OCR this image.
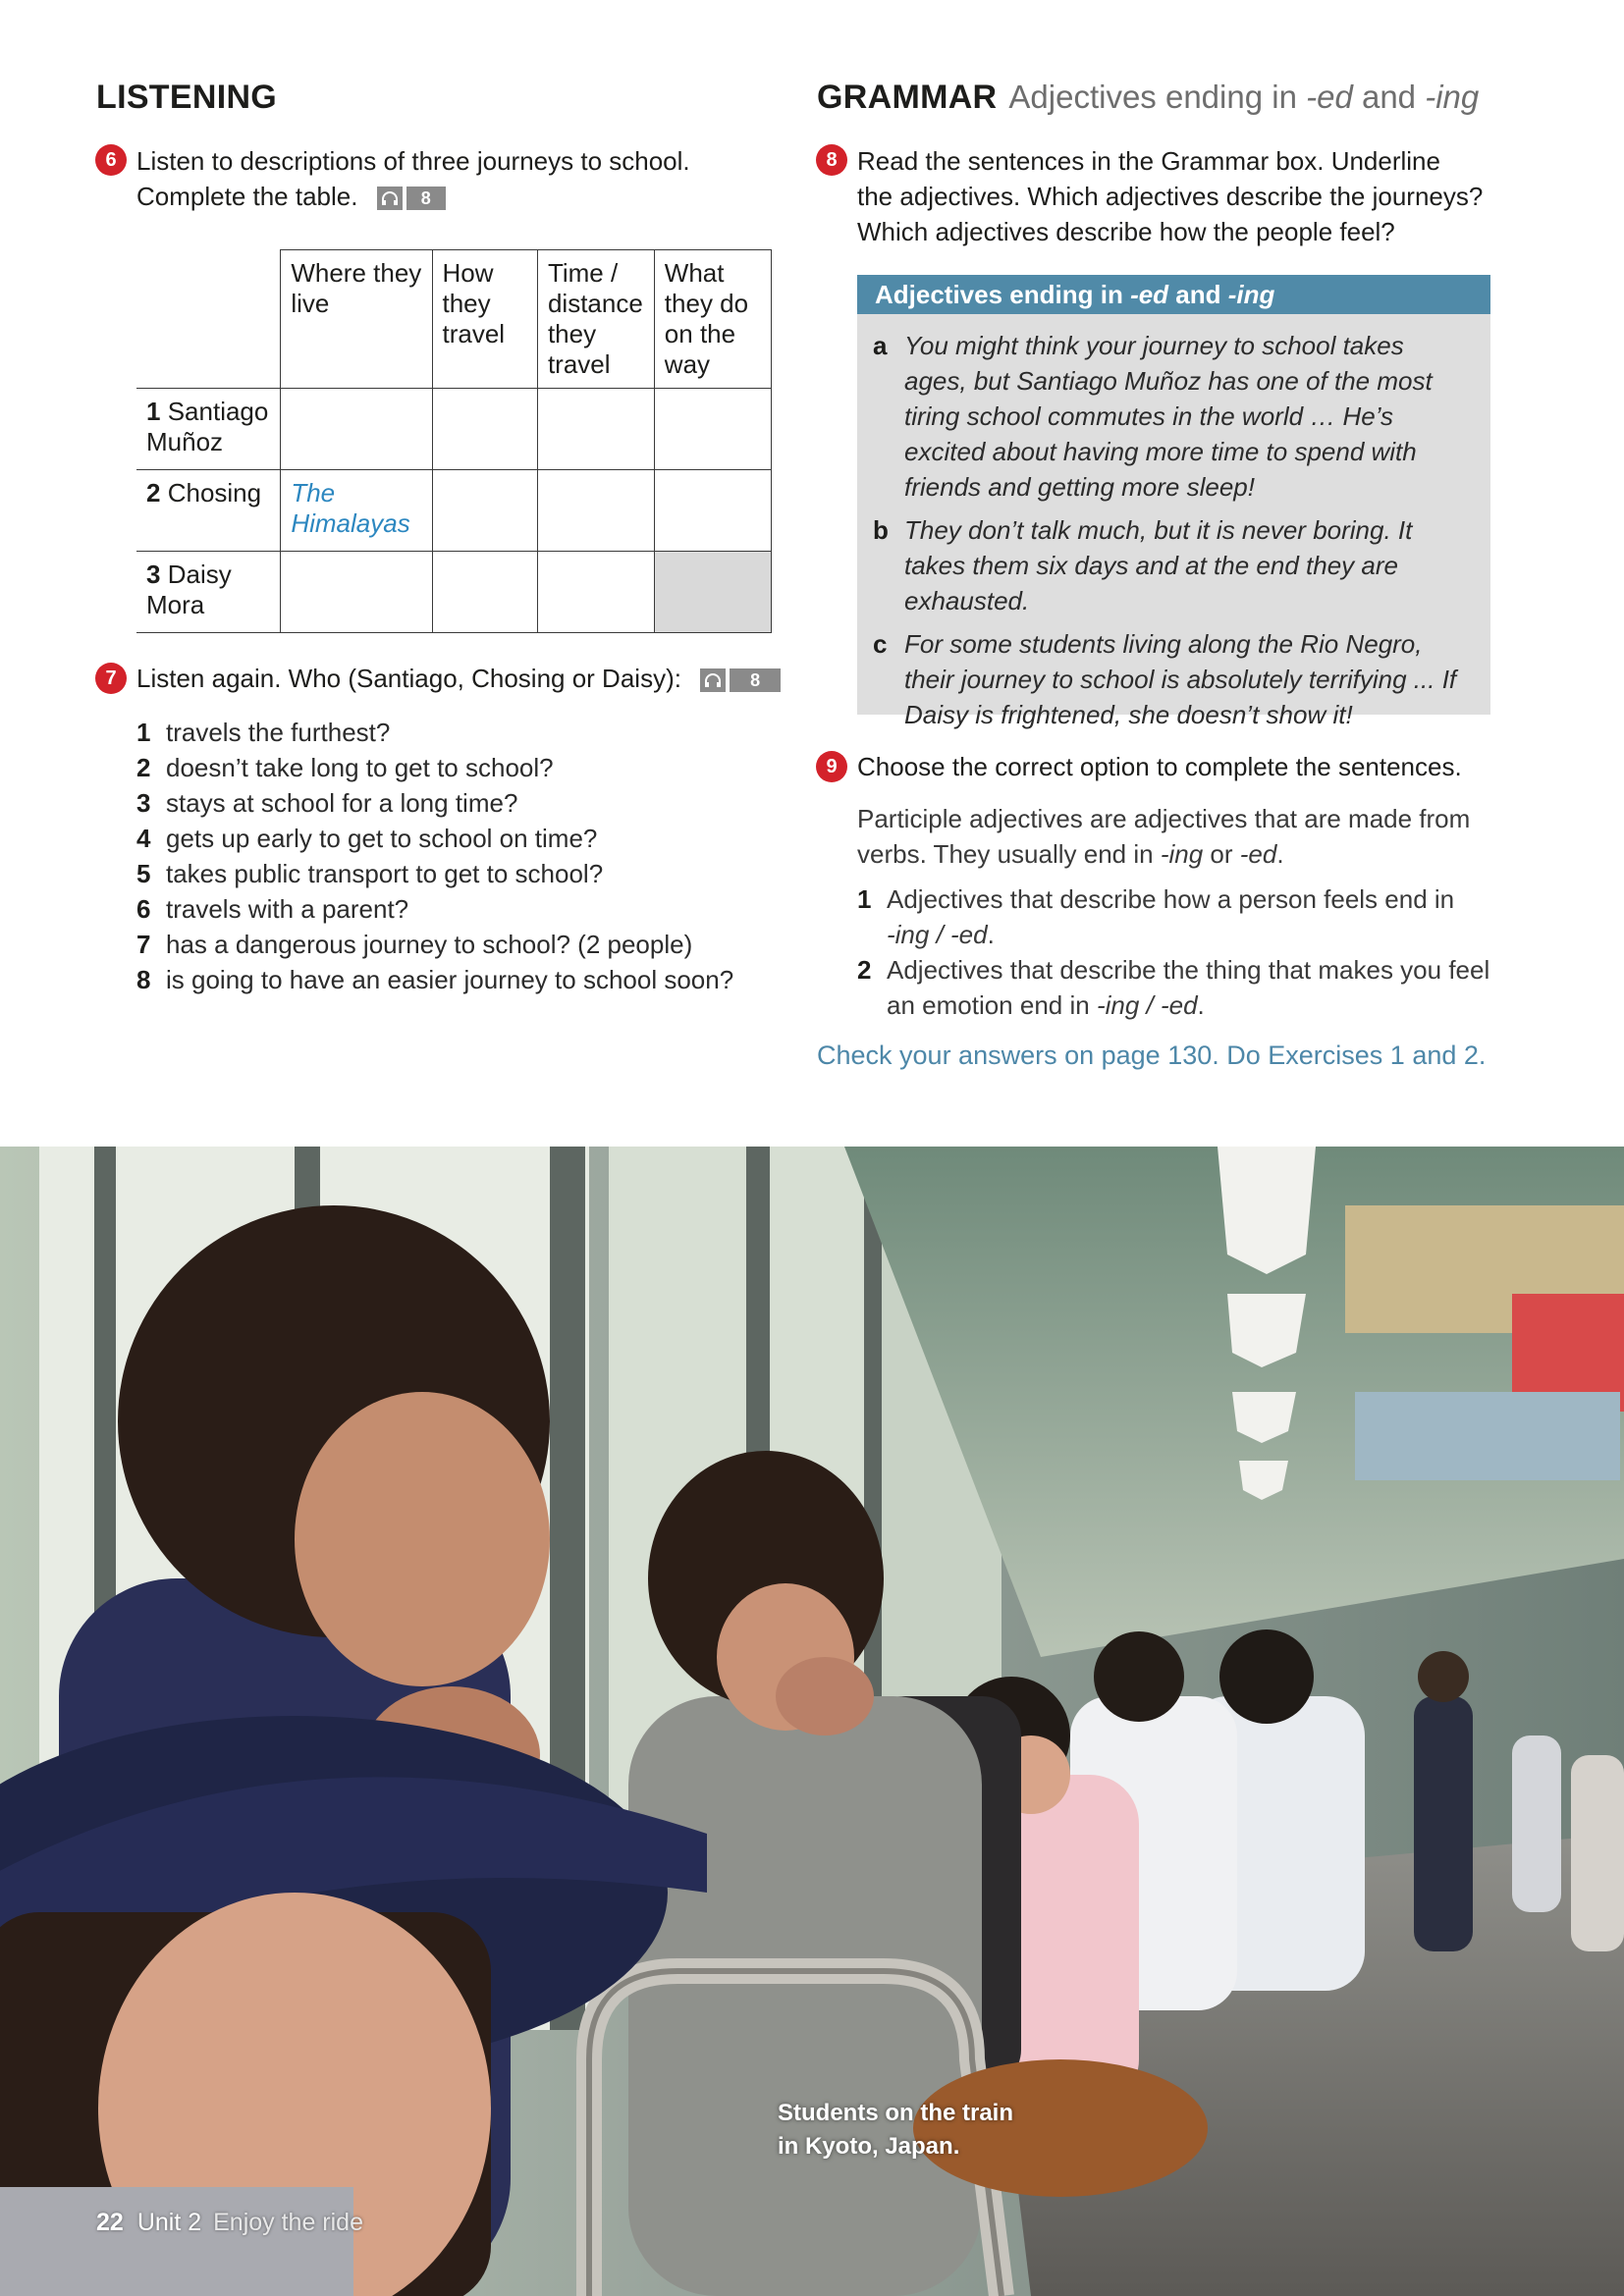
LISTENING
6 Listen to descriptions of three journeys to school.
Complete the table.	8
	Where they live	How they travel	Time / distance they travel	What they do on the way
1 Santiago Muñoz				
2 Chosing	The Himalayas			
3 Daisy Mora				
7 Listen again. Who (Santiago, Chosing or Daisy):	8
1 travels the furthest?
2 doesn’t take long to get to school?
3 stays at school for a long time?
4 gets up early to get to school on time?
5 takes public transport to get to school?
6 travels with a parent?
7 has a dangerous journey to school? (2 people)
8 is going to have an easier journey to school soon?
GRAMMAR Adjectives ending in -ed and -ing
8 Read the sentences in the Grammar box. Underline
the adjectives. Which adjectives describe the journeys?
Which adjectives describe how the people feel?
Adjectives ending in -ed and -ing
a You might think your journey to school takes ages, but Santiago Muñoz has one of the most tiring school commutes in the world … He’s excited about having more time to spend with friends and getting more sleep!
b They don’t talk much, but it is never boring. It takes them six days and at the end they are exhausted.
c For some students living along the Rio Negro, their journey to school is absolutely terrifying ... If Daisy is frightened, she doesn’t show it!
9 Choose the correct option to complete the sentences.
Participle adjectives are adjectives that are made from
verbs. They usually end in -ing or -ed.
1 Adjectives that describe how a person feels end in
-ing / -ed.
2 Adjectives that describe the thing that makes you feel
an emotion end in -ing / -ed.
Check your answers on page 130. Do Exercises 1 and 2.
Students on the train
in Kyoto, Japan.
22 Unit 2 Enjoy the ride
